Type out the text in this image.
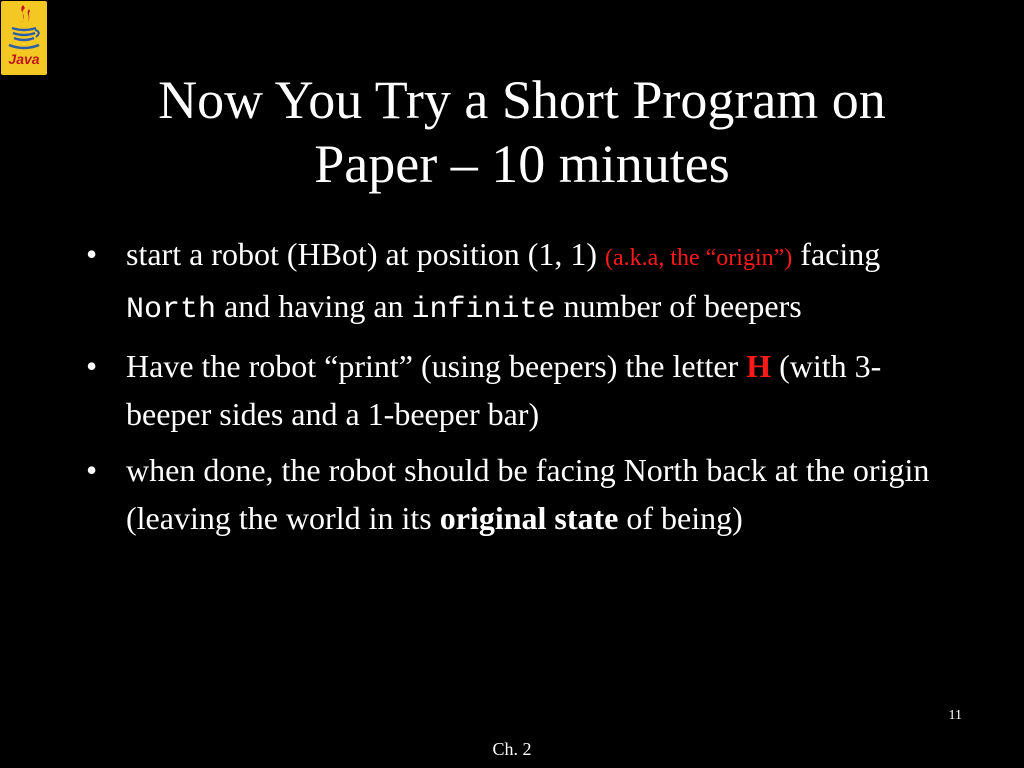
Java
Now You Try a Short Program on
Paper – 10 minutes
• start a robot (HBot) at position (1, 1) (a.k.a, the “origin”) facing North and having an infinite number of beepers
• Have the robot “print” (using beepers) the letter H (with 3-beeper sides and a 1-beeper bar)
• when done, the robot should be facing North back at the origin (leaving the world in its original state of being)
11
Ch. 2
